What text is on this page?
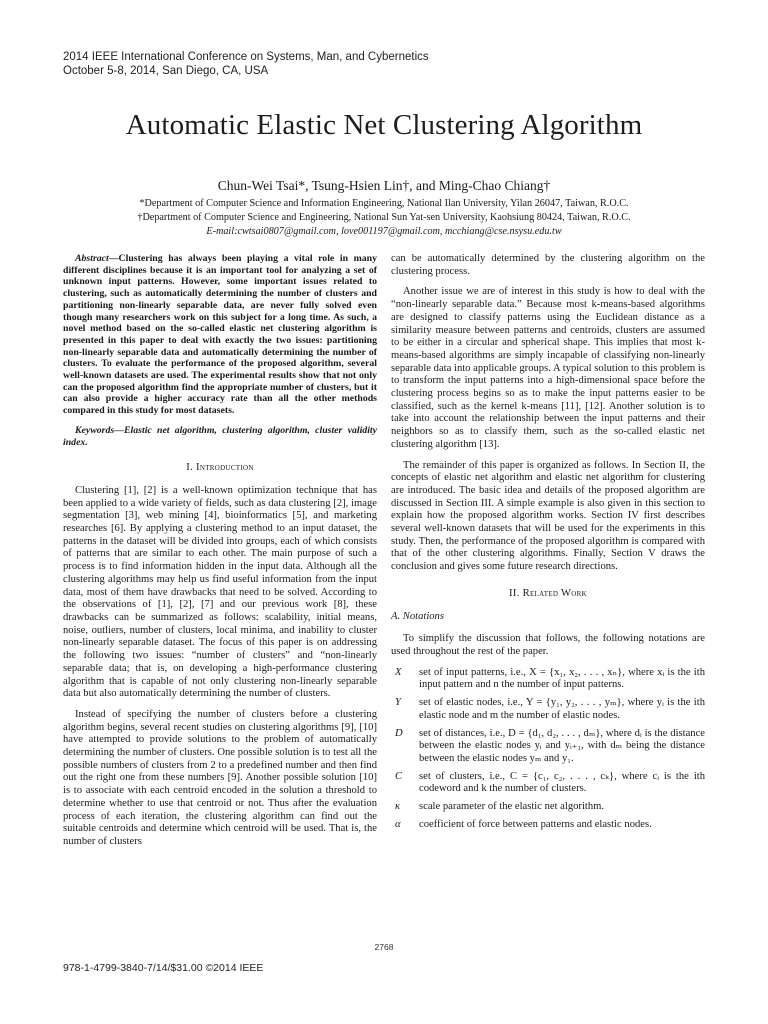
2014 IEEE International Conference on Systems, Man, and Cybernetics
October 5-8, 2014, San Diego, CA, USA
Automatic Elastic Net Clustering Algorithm
Chun-Wei Tsai*, Tsung-Hsien Lin†, and Ming-Chao Chiang†
*Department of Computer Science and Information Engineering, National Ilan University, Yilan 26047, Taiwan, R.O.C.
†Department of Computer Science and Engineering, National Sun Yat-sen University, Kaohsiung 80424, Taiwan, R.O.C.
E-mail:cwtsai0807@gmail.com, love001197@gmail.com, mcchiang@cse.nsysu.edu.tw

Abstract—Clustering has always been playing a vital role in many different disciplines because it is an important tool for analyzing a set of unknown input patterns. However, some important issues related to clustering, such as automatically determining the number of clusters and partitioning non-linearly separable data, are never fully solved even though many researchers work on this subject for a long time. As such, a novel method based on the so-called elastic net clustering algorithm is presented in this paper to deal with exactly the two issues: partitioning non-linearly separable data and automatically determining the number of clusters. To evaluate the performance of the proposed algorithm, several well-known datasets are used. The experimental results show that not only can the proposed algorithm find the appropriate number of clusters, but it can also provide a higher accuracy rate than all the other methods compared in this study for most datasets.

Keywords—Elastic net algorithm, clustering algorithm, cluster validity index.

I. Introduction

Clustering [1], [2] is a well-known optimization technique that has been applied to a wide variety of fields, such as data clustering [2], image segmentation [3], web mining [4], bioinformatics [5], and marketing researches [6]. By applying a clustering method to an input dataset, the patterns in the dataset will be divided into groups, each of which consists of patterns that are similar to each other. The main purpose of such a process is to find information hidden in the input data. Although all the clustering algorithms may help us find useful information from the input data, most of them have drawbacks that need to be solved. According to the observations of [1], [2], [7] and our previous work [8], these drawbacks can be summarized as follows: scalability, initial means, noise, outliers, number of clusters, local minima, and inability to cluster non-linearly separable dataset. The focus of this paper is on addressing the following two issues: “number of clusters” and “non-linearly separable data; that is, on developing a high-performance clustering algorithm that is capable of not only clustering non-linearly separable data but also automatically determining the number of clusters.

Instead of specifying the number of clusters before a clustering algorithm begins, several recent studies on clustering algorithms [9], [10] have attempted to provide solutions to the problem of automatically determining the number of clusters. One possible solution is to test all the possible numbers of clusters from 2 to a predefined number and then find out the right one from these numbers [9]. Another possible solution [10] is to associate with each centroid encoded in the solution a threshold to determine whether to use that centroid or not. Thus after the evaluation process of each iteration, the clustering algorithm can find out the suitable centroids and determine which centroid will be used. That is, the number of clusters

can be automatically determined by the clustering algorithm on the clustering process.

Another issue we are of interest in this study is how to deal with the “non-linearly separable data.” Because most k-means-based algorithms are designed to classify patterns using the Euclidean distance as a similarity measure between patterns and centroids, clusters are assumed to be either in a circular and spherical shape. This implies that most k-means-based algorithms are simply incapable of classifying non-linearly separable data into applicable groups. A typical solution to this problem is to transform the input patterns into a high-dimensional space before the clustering process begins so as to make the input patterns easier to be classified, such as the kernel k-means [11], [12]. Another solution is to take into account the relationship between the input patterns and their neighbors so as to classify them, such as the so-called elastic net clustering algorithm [13].

The remainder of this paper is organized as follows. In Section II, the concepts of elastic net algorithm and elastic net algorithm for clustering are introduced. The basic idea and details of the proposed algorithm are discussed in Section III. A simple example is also given in this section to explain how the proposed algorithm works. Section IV first describes several well-known datasets that will be used for the experiments in this study. Then, the performance of the proposed algorithm is compared with that of the other clustering algorithms. Finally, Section V draws the conclusion and gives some future research directions.

II. Related Work
A. Notations

To simplify the discussion that follows, the following notations are used throughout the rest of the paper.

X	set of input patterns, i.e., X = {x₁, x₂, . . . , xₙ}, where xᵢ is the ith input pattern and n the number of input patterns.
Y	set of elastic nodes, i.e., Y = {y₁, y₂, . . . , yₘ}, where yᵢ is the ith elastic node and m the number of elastic nodes.
D	set of distances, i.e., D = {d₁, d₂, . . . , dₘ}, where dᵢ is the distance between the elastic nodes yᵢ and yᵢ₊₁, with dₘ being the distance between the elastic nodes yₘ and y₁.
C	set of clusters, i.e., C = {c₁, c₂, . . . , cₖ}, where cᵢ is the ith codeword and k the number of clusters.
κ	scale parameter of the elastic net algorithm.
α	coefficient of force between patterns and elastic nodes.
2768
978-1-4799-3840-7/14/$31.00 ©2014 IEEE
